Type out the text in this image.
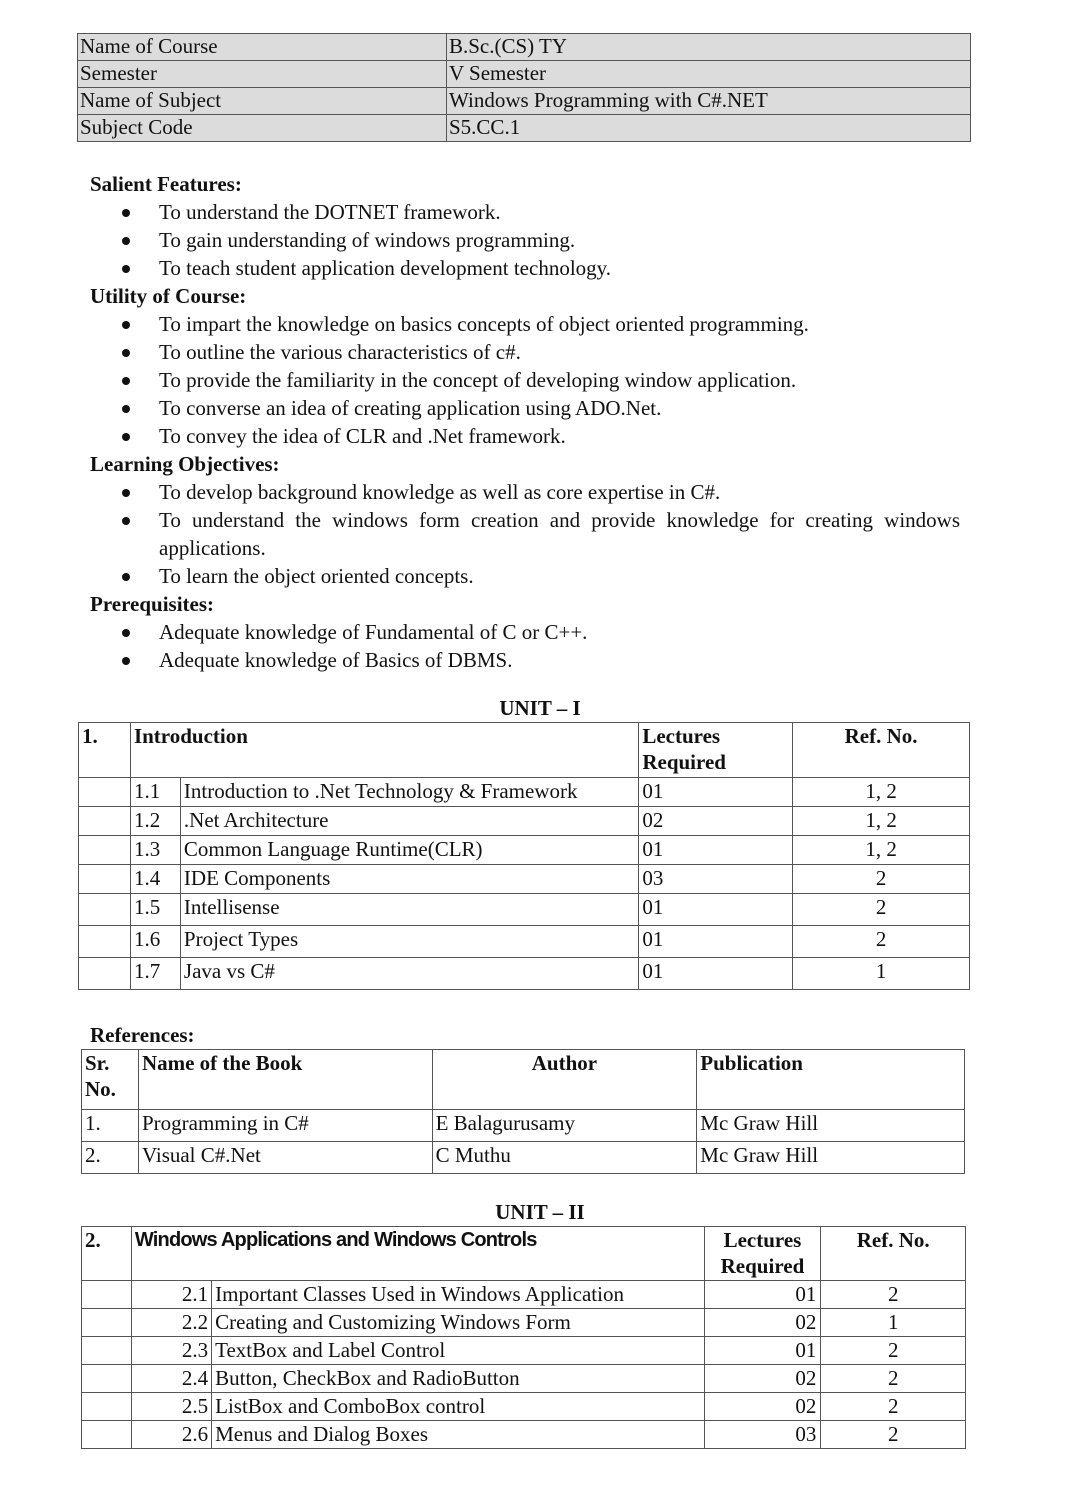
Name of Course	B.Sc.(CS) TY
Semester	V Semester
Name of Subject	Windows Programming with C#.NET
Subject Code	S5.CC.1
Salient Features:
To understand the DOTNET framework.
To gain understanding of windows programming.
To teach student application development technology.
Utility of Course:
To impart the knowledge on basics concepts of object oriented programming.
To outline the various characteristics of c#.
To provide the familiarity in the concept of developing window application.
To converse an idea of creating application using ADO.Net.
To convey the idea of CLR and .Net framework.
Learning Objectives:
To develop background knowledge as well as core expertise in C#.
To understand the windows form creation and provide knowledge for creating windows applications.
To learn the object oriented concepts.
Prerequisites:
Adequate knowledge of Fundamental of C or C++.
Adequate knowledge of Basics of DBMS.
UNIT – I
1.	Introduction		Lectures Required	Ref. No.
	1.1	Introduction to .Net Technology & Framework	01	1, 2
	1.2	.Net Architecture	02	1, 2
	1.3	Common Language Runtime(CLR)	01	1, 2
	1.4	IDE Components	03	2
	1.5	Intellisense	01	2
	1.6	Project Types	01	2
	1.7	Java vs C#	01	1
References:
Sr. No.	Name of the Book	Author	Publication
1.	Programming in C#	E Balagurusamy	Mc Graw Hill
2.	Visual C#.Net	C Muthu	Mc Graw Hill
UNIT – II
2.	Windows Applications and Windows Controls		Lectures Required	Ref. No.
	2.1	Important Classes Used in Windows Application	01	2
	2.2	Creating and Customizing Windows Form	02	1
	2.3	TextBox and Label Control	01	2
	2.4	Button, CheckBox and RadioButton	02	2
	2.5	ListBox and ComboBox control	02	2
	2.6	Menus and Dialog Boxes	03	2
